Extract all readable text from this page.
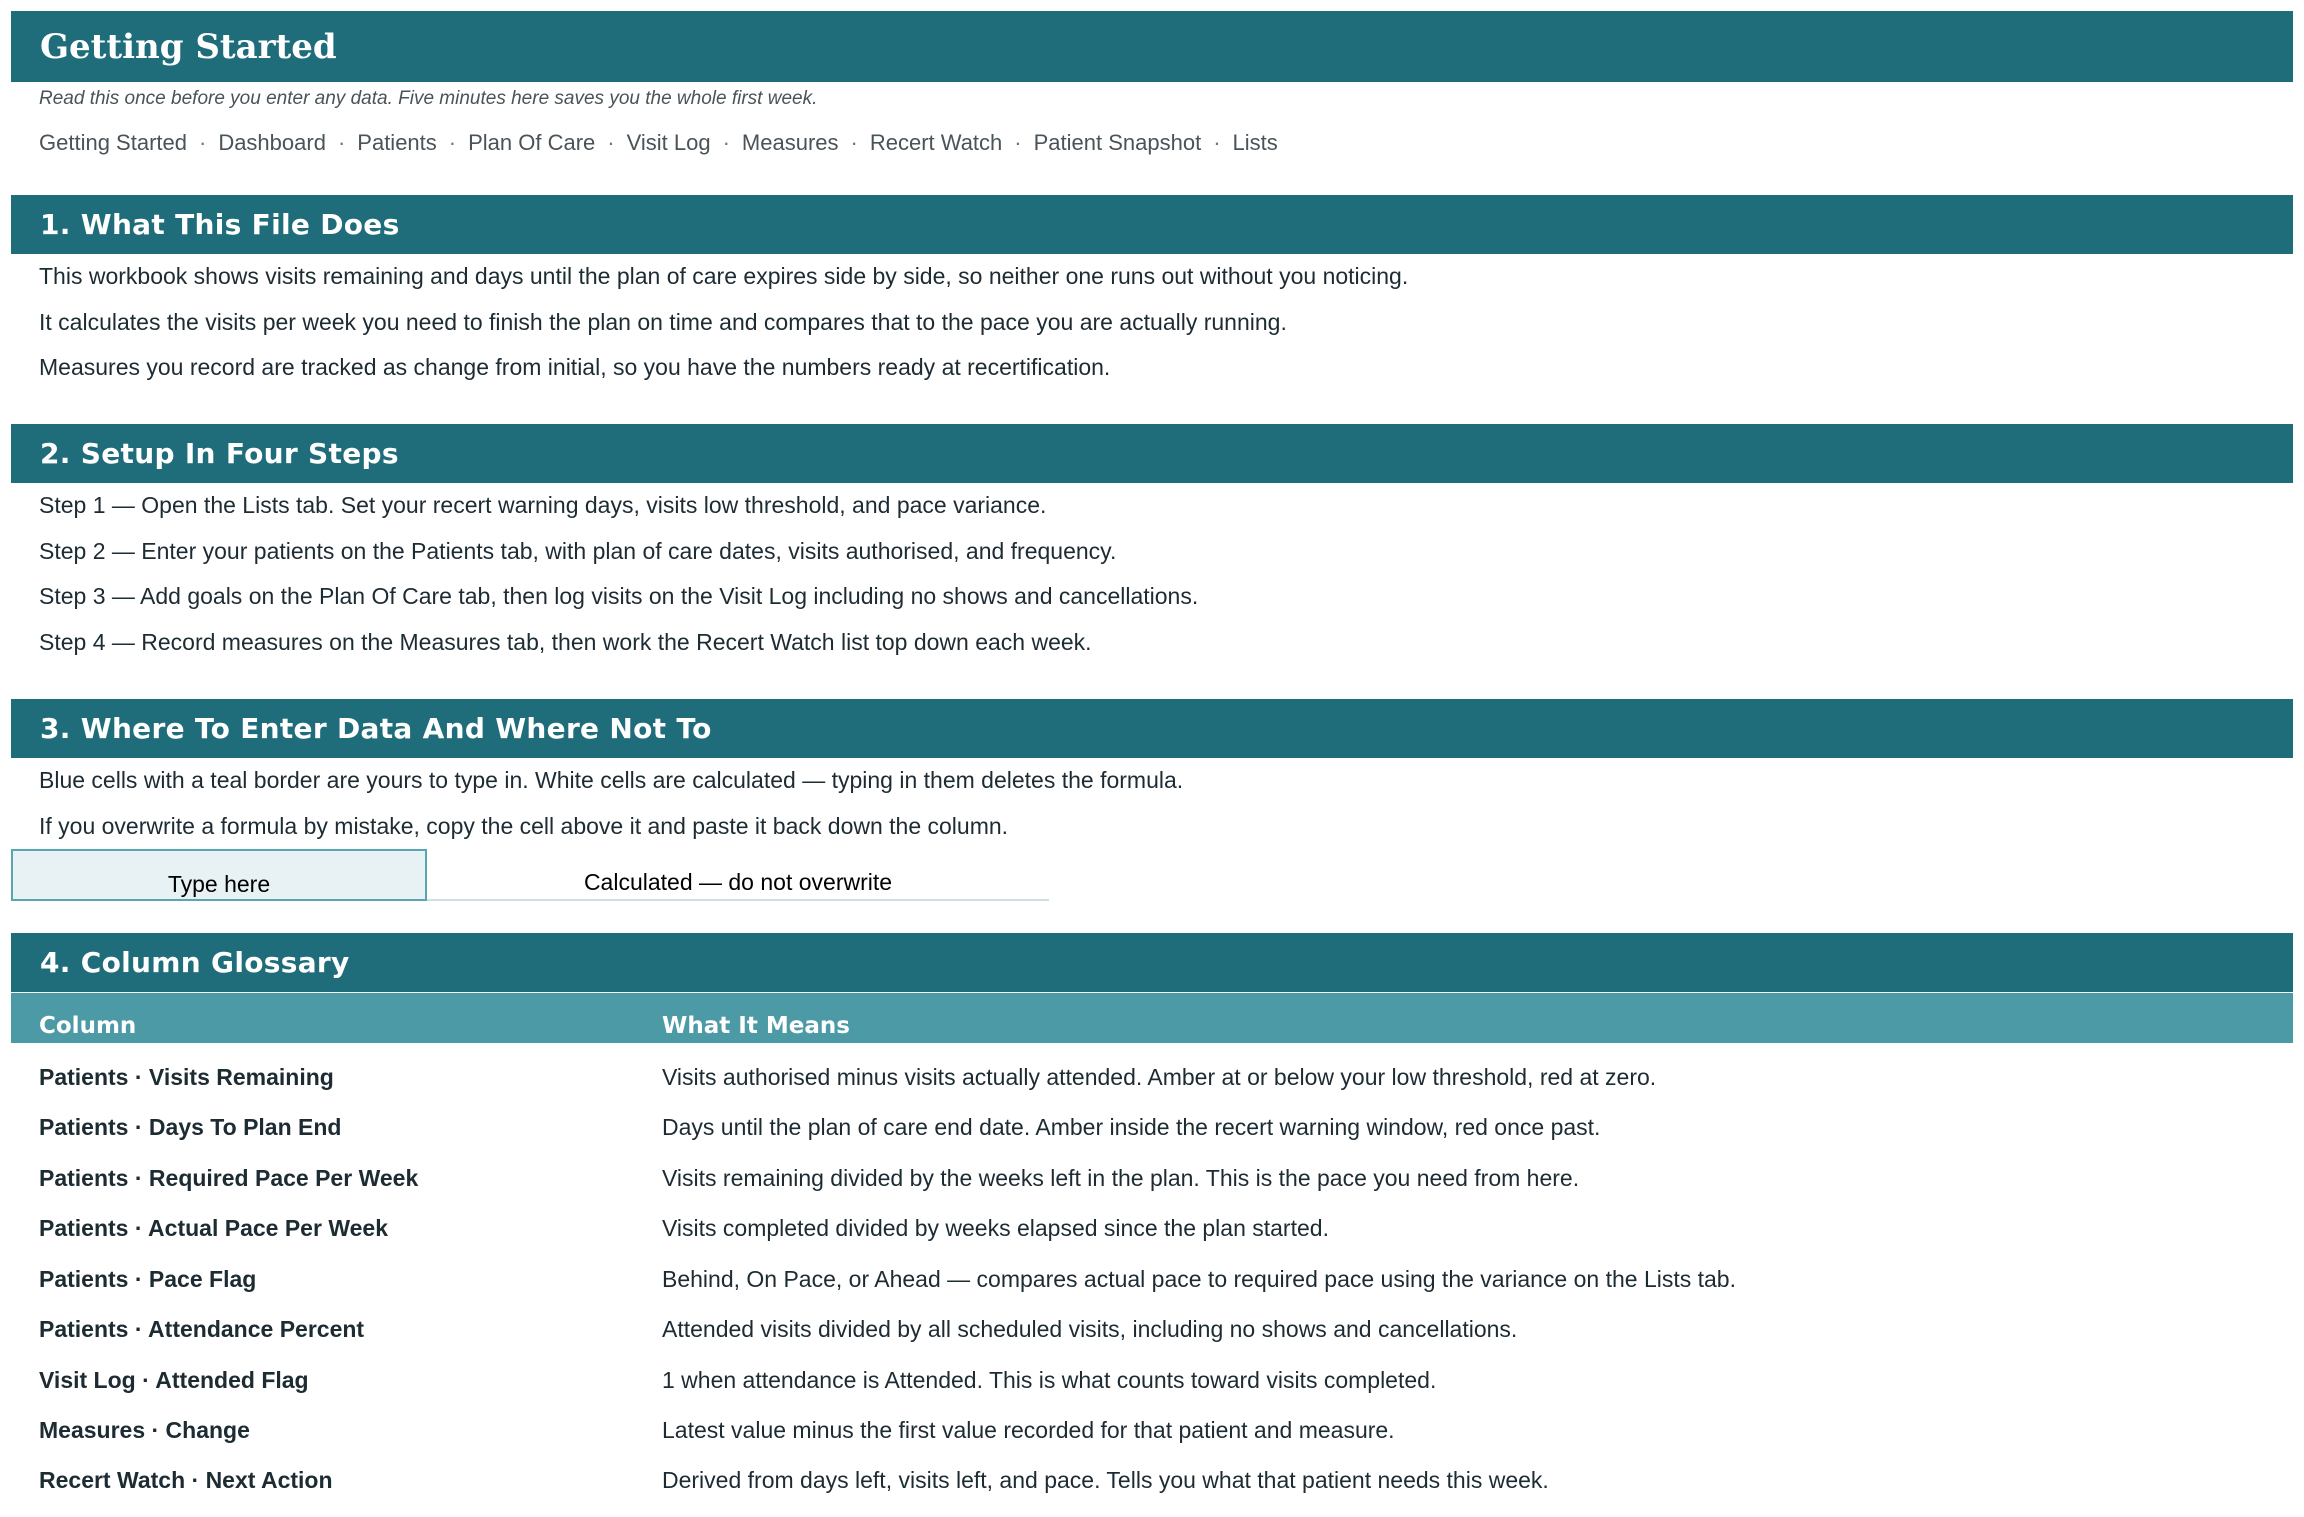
Getting Started
Read this once before you enter any data. Five minutes here saves you the whole first week.
Getting Started · Dashboard · Patients · Plan Of Care · Visit Log · Measures · Recert Watch · Patient Snapshot · Lists
1. What This File Does
This workbook shows visits remaining and days until the plan of care expires side by side, so neither one runs out without you noticing.
It calculates the visits per week you need to finish the plan on time and compares that to the pace you are actually running.
Measures you record are tracked as change from initial, so you have the numbers ready at recertification.
2. Setup In Four Steps
Step 1 — Open the Lists tab. Set your recert warning days, visits low threshold, and pace variance.
Step 2 — Enter your patients on the Patients tab, with plan of care dates, visits authorised, and frequency.
Step 3 — Add goals on the Plan Of Care tab, then log visits on the Visit Log including no shows and cancellations.
Step 4 — Record measures on the Measures tab, then work the Recert Watch list top down each week.
3. Where To Enter Data And Where Not To
Blue cells with a teal border are yours to type in. White cells are calculated — typing in them deletes the formula.
If you overwrite a formula by mistake, copy the cell above it and paste it back down the column.
Type here	Calculated — do not overwrite
4. Column Glossary
Column	What It Means
Patients · Visits Remaining	Visits authorised minus visits actually attended. Amber at or below your low threshold, red at zero.
Patients · Days To Plan End	Days until the plan of care end date. Amber inside the recert warning window, red once past.
Patients · Required Pace Per Week	Visits remaining divided by the weeks left in the plan. This is the pace you need from here.
Patients · Actual Pace Per Week	Visits completed divided by weeks elapsed since the plan started.
Patients · Pace Flag	Behind, On Pace, or Ahead — compares actual pace to required pace using the variance on the Lists tab.
Patients · Attendance Percent	Attended visits divided by all scheduled visits, including no shows and cancellations.
Visit Log · Attended Flag	1 when attendance is Attended. This is what counts toward visits completed.
Measures · Change	Latest value minus the first value recorded for that patient and measure.
Recert Watch · Next Action	Derived from days left, visits left, and pace. Tells you what that patient needs this week.
